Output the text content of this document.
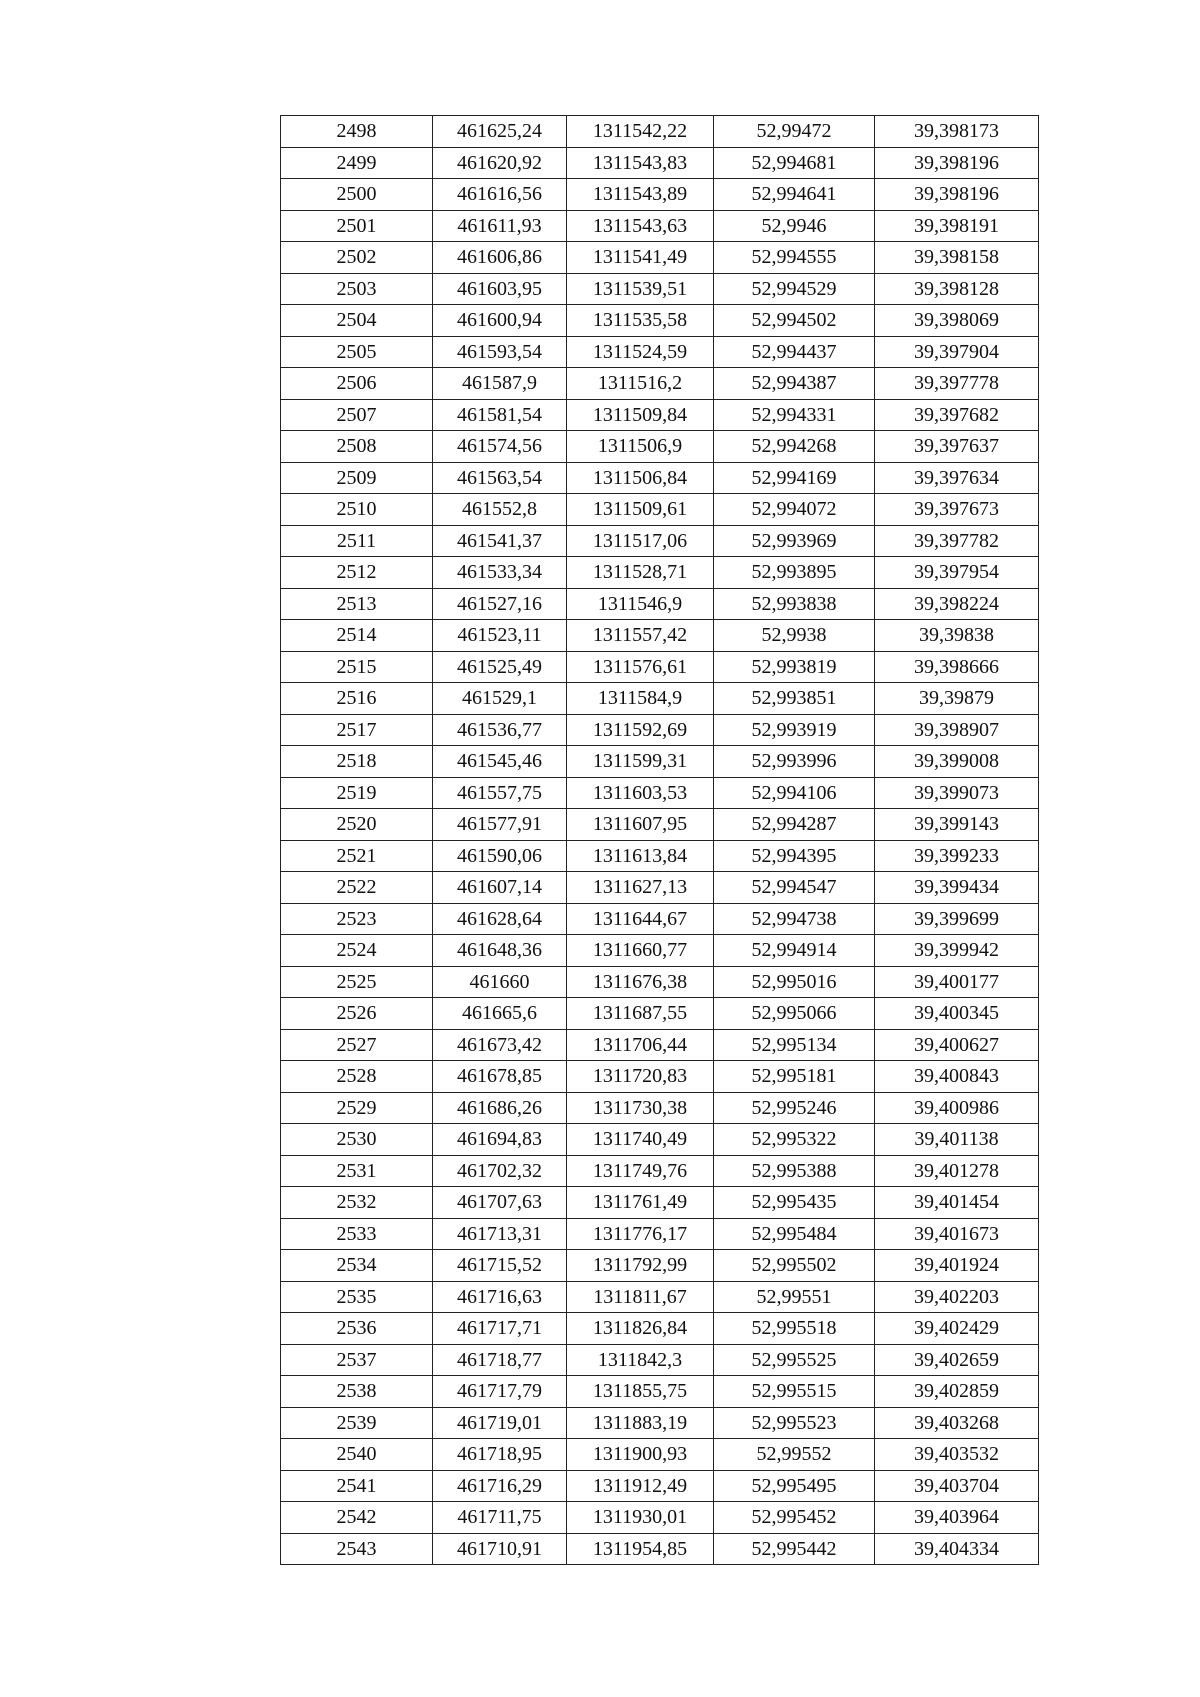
2498	461625,24	1311542,22	52,99472	39,398173
2499	461620,92	1311543,83	52,994681	39,398196
2500	461616,56	1311543,89	52,994641	39,398196
2501	461611,93	1311543,63	52,9946	39,398191
2502	461606,86	1311541,49	52,994555	39,398158
2503	461603,95	1311539,51	52,994529	39,398128
2504	461600,94	1311535,58	52,994502	39,398069
2505	461593,54	1311524,59	52,994437	39,397904
2506	461587,9	1311516,2	52,994387	39,397778
2507	461581,54	1311509,84	52,994331	39,397682
2508	461574,56	1311506,9	52,994268	39,397637
2509	461563,54	1311506,84	52,994169	39,397634
2510	461552,8	1311509,61	52,994072	39,397673
2511	461541,37	1311517,06	52,993969	39,397782
2512	461533,34	1311528,71	52,993895	39,397954
2513	461527,16	1311546,9	52,993838	39,398224
2514	461523,11	1311557,42	52,9938	39,39838
2515	461525,49	1311576,61	52,993819	39,398666
2516	461529,1	1311584,9	52,993851	39,39879
2517	461536,77	1311592,69	52,993919	39,398907
2518	461545,46	1311599,31	52,993996	39,399008
2519	461557,75	1311603,53	52,994106	39,399073
2520	461577,91	1311607,95	52,994287	39,399143
2521	461590,06	1311613,84	52,994395	39,399233
2522	461607,14	1311627,13	52,994547	39,399434
2523	461628,64	1311644,67	52,994738	39,399699
2524	461648,36	1311660,77	52,994914	39,399942
2525	461660	1311676,38	52,995016	39,400177
2526	461665,6	1311687,55	52,995066	39,400345
2527	461673,42	1311706,44	52,995134	39,400627
2528	461678,85	1311720,83	52,995181	39,400843
2529	461686,26	1311730,38	52,995246	39,400986
2530	461694,83	1311740,49	52,995322	39,401138
2531	461702,32	1311749,76	52,995388	39,401278
2532	461707,63	1311761,49	52,995435	39,401454
2533	461713,31	1311776,17	52,995484	39,401673
2534	461715,52	1311792,99	52,995502	39,401924
2535	461716,63	1311811,67	52,99551	39,402203
2536	461717,71	1311826,84	52,995518	39,402429
2537	461718,77	1311842,3	52,995525	39,402659
2538	461717,79	1311855,75	52,995515	39,402859
2539	461719,01	1311883,19	52,995523	39,403268
2540	461718,95	1311900,93	52,99552	39,403532
2541	461716,29	1311912,49	52,995495	39,403704
2542	461711,75	1311930,01	52,995452	39,403964
2543	461710,91	1311954,85	52,995442	39,404334
